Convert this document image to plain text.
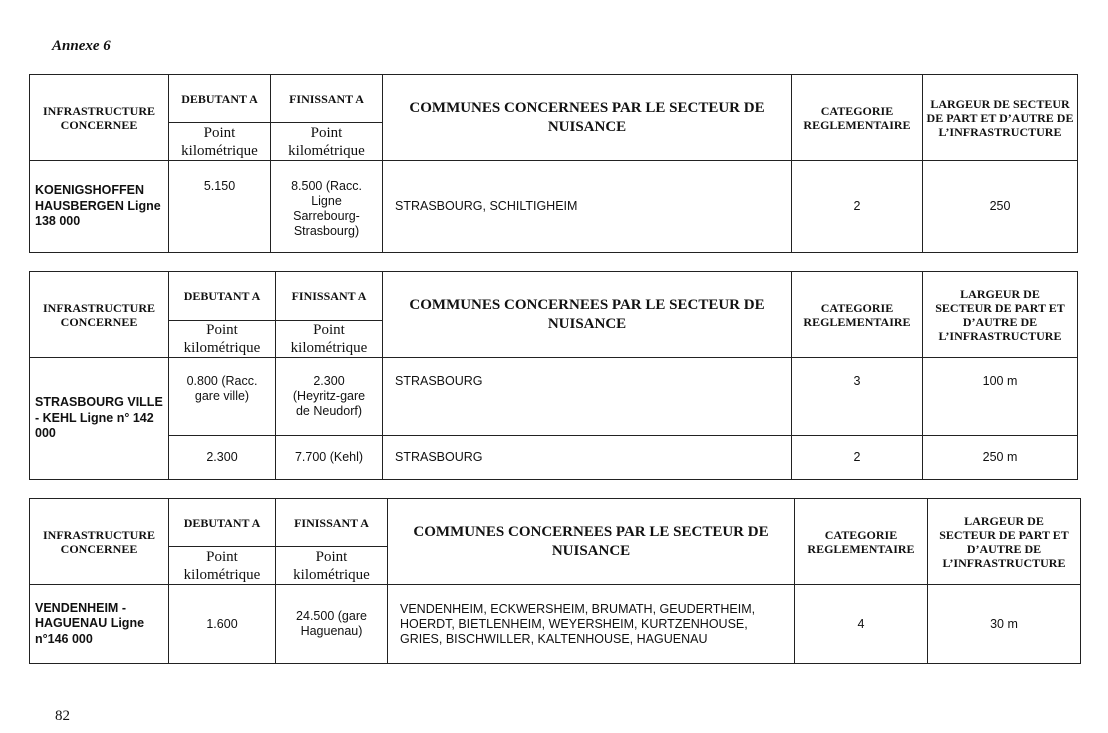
Annexe 6
INFRASTRUCTURE CONCERNEE	DEBUTANT A	FINISSANT A	COMMUNES CONCERNEES PAR LE SECTEUR DE NUISANCE	CATEGORIE REGLEMENTAIRE	LARGEUR DE SECTEUR DE PART ET D’AUTRE DE L’INFRASTRUCTURE
	Point kilométrique	Point kilométrique			
KOENIGSHOFFEN HAUSBERGEN Ligne 138 000	5.150	8.500 (Racc. Ligne Sarrebourg-Strasbourg)	STRASBOURG, SCHILTIGHEIM	2	250
INFRASTRUCTURE CONCERNEE	DEBUTANT A	FINISSANT A	COMMUNES CONCERNEES PAR LE SECTEUR DE NUISANCE	CATEGORIE REGLEMENTAIRE	LARGEUR DE SECTEUR DE PART ET D’AUTRE DE L’INFRASTRUCTURE
	Point kilométrique	Point kilométrique			
STRASBOURG VILLE - KEHL Ligne n° 142 000	0.800 (Racc. gare ville)	2.300 (Heyritz-gare de Neudorf)	STRASBOURG	3	100 m
	2.300	7.700 (Kehl)	STRASBOURG	2	250 m
INFRASTRUCTURE CONCERNEE	DEBUTANT A	FINISSANT A	COMMUNES CONCERNEES PAR LE SECTEUR DE NUISANCE	CATEGORIE REGLEMENTAIRE	LARGEUR DE SECTEUR DE PART ET D’AUTRE DE L’INFRASTRUCTURE
	Point kilométrique	Point kilométrique			
VENDENHEIM - HAGUENAU Ligne n°146 000	1.600	24.500 (gare Haguenau)	VENDENHEIM, ECKWERSHEIM, BRUMATH, GEUDERTHEIM, HOERDT, BIETLENHEIM, WEYERSHEIM, KURTZENHOUSE, GRIES, BISCHWILLER, KALTENHOUSE, HAGUENAU	4	30 m
82
